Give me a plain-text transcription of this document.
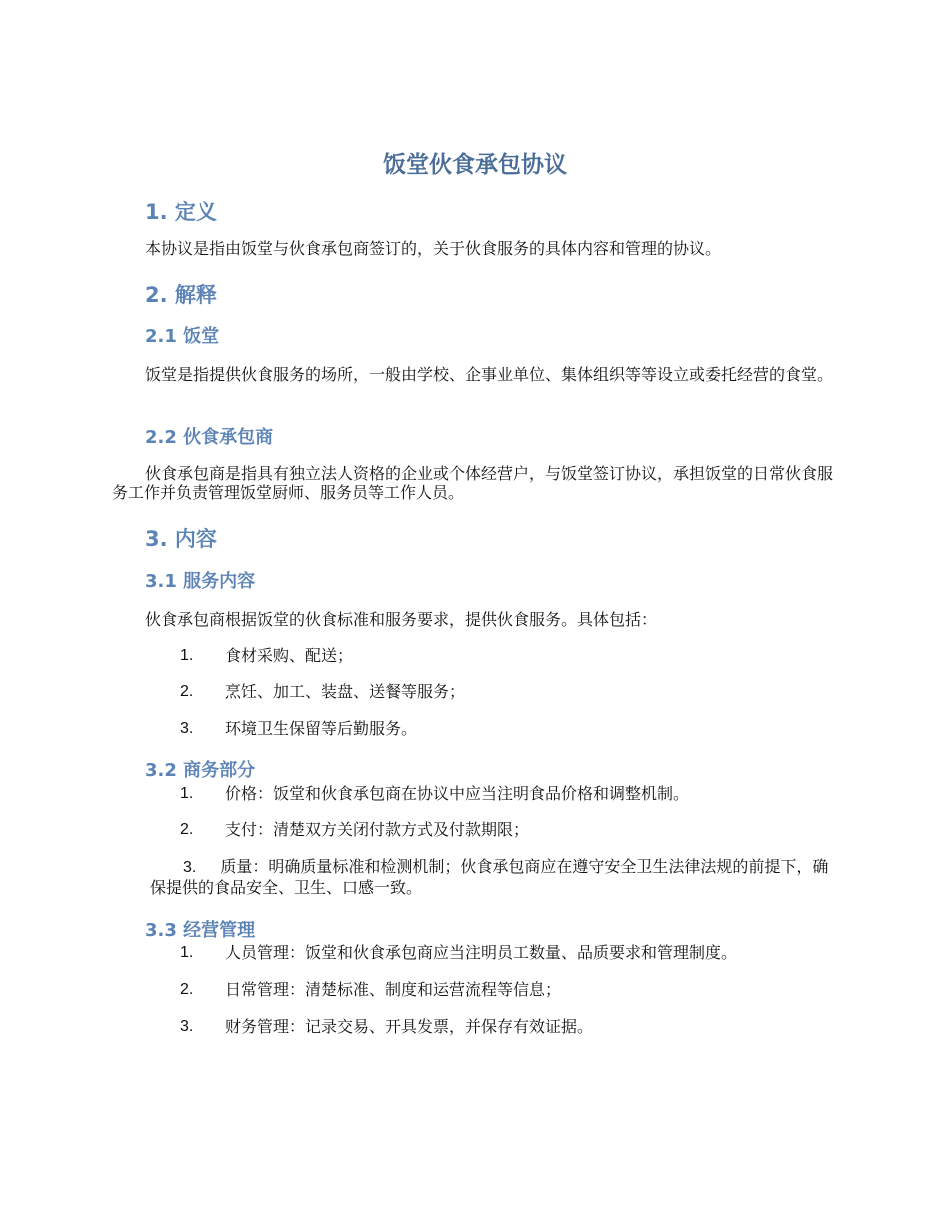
饭堂伙食承包协议
1. 定义
本协议是指由饭堂与伙食承包商签订的，关于伙食服务的具体内容和管理的协议。
2. 解释
2.1 饭堂
饭堂是指提供伙食服务的场所，一般由学校、企事业单位、集体组织等等设立或委托经营的食堂。
2.2 伙食承包商
伙食承包商是指具有独立法人资格的企业或个体经营户，与饭堂签订协议，承担饭堂的日常伙食服务工作并负责管理饭堂厨师、服务员等工作人员。
3. 内容
3.1 服务内容
伙食承包商根据饭堂的伙食标准和服务要求，提供伙食服务。具体包括：
1. 食材采购、配送；
2. 烹饪、加工、装盘、送餐等服务；
3. 环境卫生保留等后勤服务。
3.2 商务部分
1. 价格：饭堂和伙食承包商在协议中应当注明食品价格和调整机制。
2. 支付：清楚双方关闭付款方式及付款期限；
3. 质量：明确质量标准和检测机制；伙食承包商应在遵守安全卫生法律法规的前提下，确保提供的食品安全、卫生、口感一致。
3.3 经营管理
1. 人员管理：饭堂和伙食承包商应当注明员工数量、品质要求和管理制度。
2. 日常管理：清楚标准、制度和运营流程等信息；
3. 财务管理：记录交易、开具发票，并保存有效证据。
